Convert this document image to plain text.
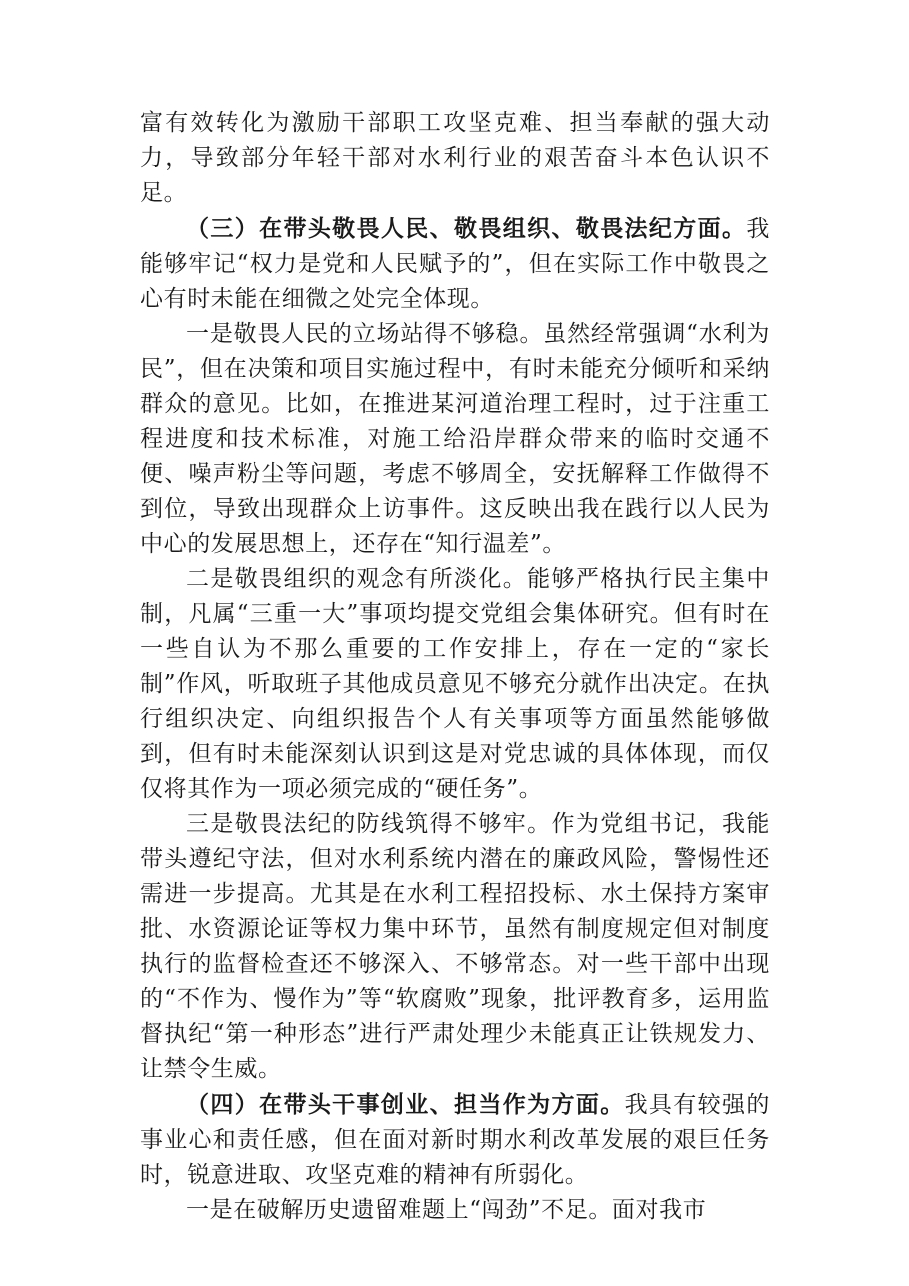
富有效转化为激励干部职工攻坚克难、担当奉献的强大动力，导致部分年轻干部对水利行业的艰苦奋斗本色认识不足。

（三）在带头敬畏人民、敬畏组织、敬畏法纪方面。我能够牢记“权力是党和人民赋予的”，但在实际工作中敬畏之心有时未能在细微之处完全体现。

一是敬畏人民的立场站得不够稳。虽然经常强调“水利为民”，但在决策和项目实施过程中，有时未能充分倾听和采纳群众的意见。比如，在推进某河道治理工程时，过于注重工程进度和技术标准，对施工给沿岸群众带来的临时交通不便、噪声粉尘等问题，考虑不够周全，安抚解释工作做得不到位，导致出现群众上访事件。这反映出我在践行以人民为中心的发展思想上，还存在“知行温差”。

二是敬畏组织的观念有所淡化。能够严格执行民主集中制，凡属“三重一大”事项均提交党组会集体研究。但有时在一些自认为不那么重要的工作安排上，存在一定的“家长制”作风，听取班子其他成员意见不够充分就作出决定。在执行组织决定、向组织报告个人有关事项等方面虽然能够做到，但有时未能深刻认识到这是对党忠诚的具体体现，而仅仅将其作为一项必须完成的“硬任务”。

三是敬畏法纪的防线筑得不够牢。作为党组书记，我能带头遵纪守法，但对水利系统内潜在的廉政风险，警惕性还需进一步提高。尤其是在水利工程招投标、水土保持方案审批、水资源论证等权力集中环节，虽然有制度规定但对制度执行的监督检查还不够深入、不够常态。对一些干部中出现的“不作为、慢作为”等“软腐败”现象，批评教育多，运用监督执纪“第一种形态”进行严肃处理少未能真正让铁规发力、让禁令生威。

（四）在带头干事创业、担当作为方面。我具有较强的事业心和责任感，但在面对新时期水利改革发展的艰巨任务时，锐意进取、攻坚克难的精神有所弱化。

一是在破解历史遗留难题上“闯劲”不足。面对我市
